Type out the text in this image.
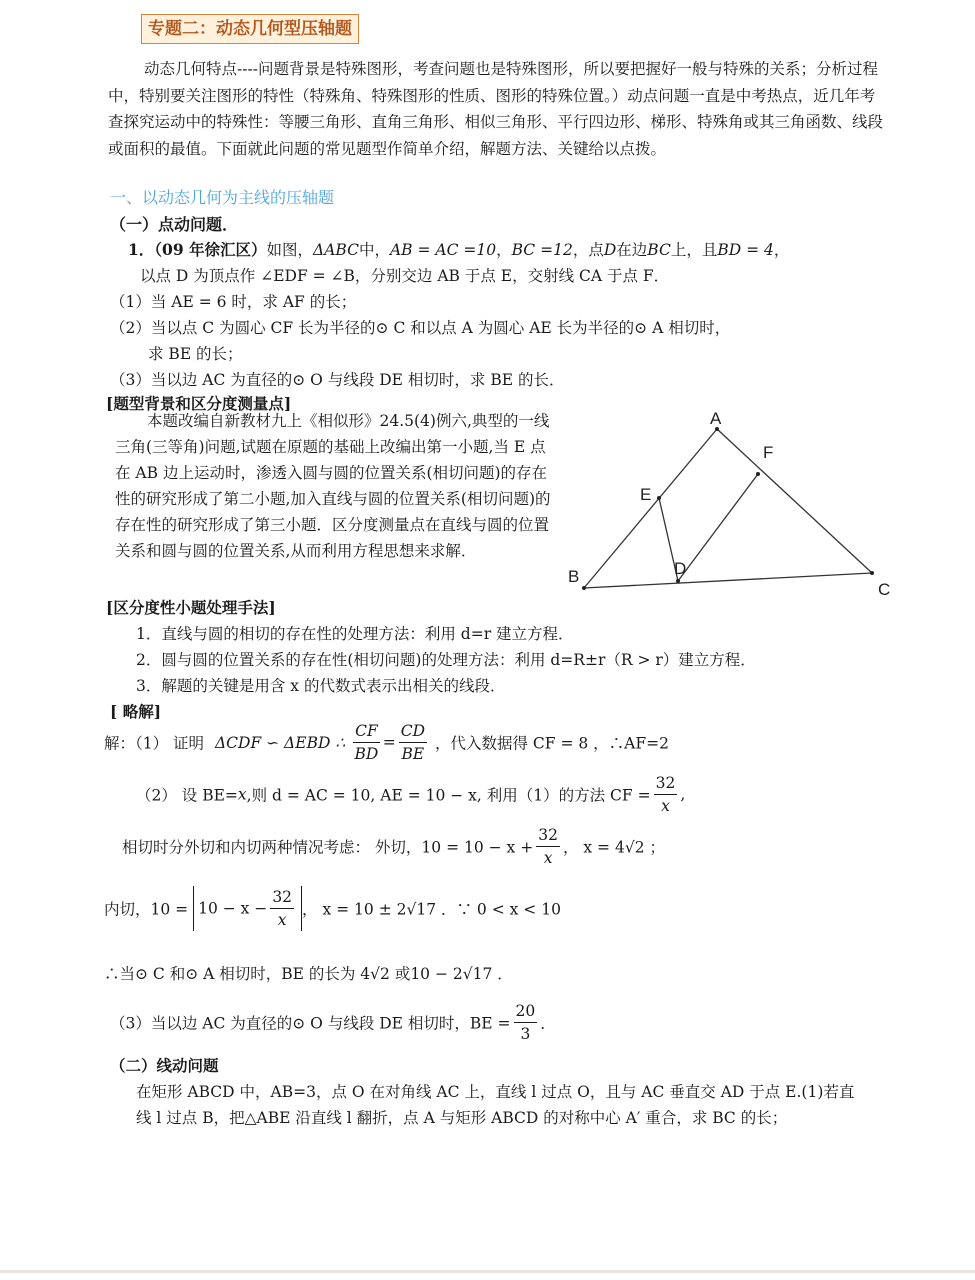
专题二：动态几何型压轴题
动态几何特点----问题背景是特殊图形，考查问题也是特殊图形，所以要把握好一般与特殊的关系；分析过程中，特别要关注图形的特性（特殊角、特殊图形的性质、图形的特殊位置。）动点问题一直是中考热点，近几年考查探究运动中的特殊性：等腰三角形、直角三角形、相似三角形、平行四边形、梯形、特殊角或其三角函数、线段或面积的最值。下面就此问题的常见题型作简单介绍，解题方法、关键给以点拨。
一、以动态几何为主线的压轴题
（一）点动问题．
1．（09 年徐汇区）如图，ΔABC中，AB = AC =10，BC =12，点D在边BC上，且BD = 4，
以点 D 为顶点作 ∠EDF = ∠B，分别交边 AB 于点 E，交射线 CA 于点 F．
（1）当 AE = 6 时，求 AF 的长；
（2）当以点 C 为圆心 CF 长为半径的⊙ C 和以点 A 为圆心 AE 长为半径的⊙ A 相切时，
求 BE 的长；
（3）当以边 AC 为直径的⊙ O 与线段 DE 相切时，求 BE 的长．
[题型背景和区分度测量点]
本题改编自新教材九上《相似形》24.5(4)例六,典型的一线三角(三等角)问题,试题在原题的基础上改编出第一小题,当 E 点在 AB 边上运动时，渗透入圆与圆的位置关系(相切问题)的存在性的研究形成了第二小题,加入直线与圆的位置关系(相切问题)的存在性的研究形成了第三小题．区分度测量点在直线与圆的位置关系和圆与圆的位置关系,从而利用方程思想来求解．
A
F
E
D
B
C
[区分度性小题处理手法]
1．直线与圆的相切的存在性的处理方法：利用 d=r 建立方程．
2．圆与圆的位置关系的存在性(相切问题)的处理方法：利用 d=R±r（R > r）建立方程．
3．解题的关键是用含 x 的代数式表示出相关的线段．
[ 略解]
解：（1） 证明 ΔCDF ∽ ΔEBD ∴ $\frac{CF}{BD} = \frac{CD}{BE}$ ，代入数据得 CF = 8 ，∴AF=2
（2） 设 BE=x,则 d = AC = 10, AE = 10 − x, 利用（1）的方法 CF = $\frac{32}{x}$ ,
相切时分外切和内切两种情况考虑： 外切，$10 = 10 - x + \frac{32}{x}$ ， x = 4√2 ；
内切，$10 = 10 - x - \frac{32}{x}$ ， x = 10 ± 2√17 ．∵ 0 < x < 10
∴当⊙ C 和⊙ A 相切时，BE 的长为 4√2 或10 − 2√17 ．
（3）当以边 AC 为直径的⊙ O 与线段 DE 相切时，BE = $\frac{20}{3}$ ．
（二）线动问题
在矩形 ABCD 中，AB=3，点 O 在对角线 AC 上，直线 l 过点 O，且与 AC 垂直交 AD 于点 E.(1)若直
线 l 过点 B，把△ABE 沿直线 l 翻折，点 A 与矩形 ABCD 的对称中心 A′ 重合，求 BC 的长；
